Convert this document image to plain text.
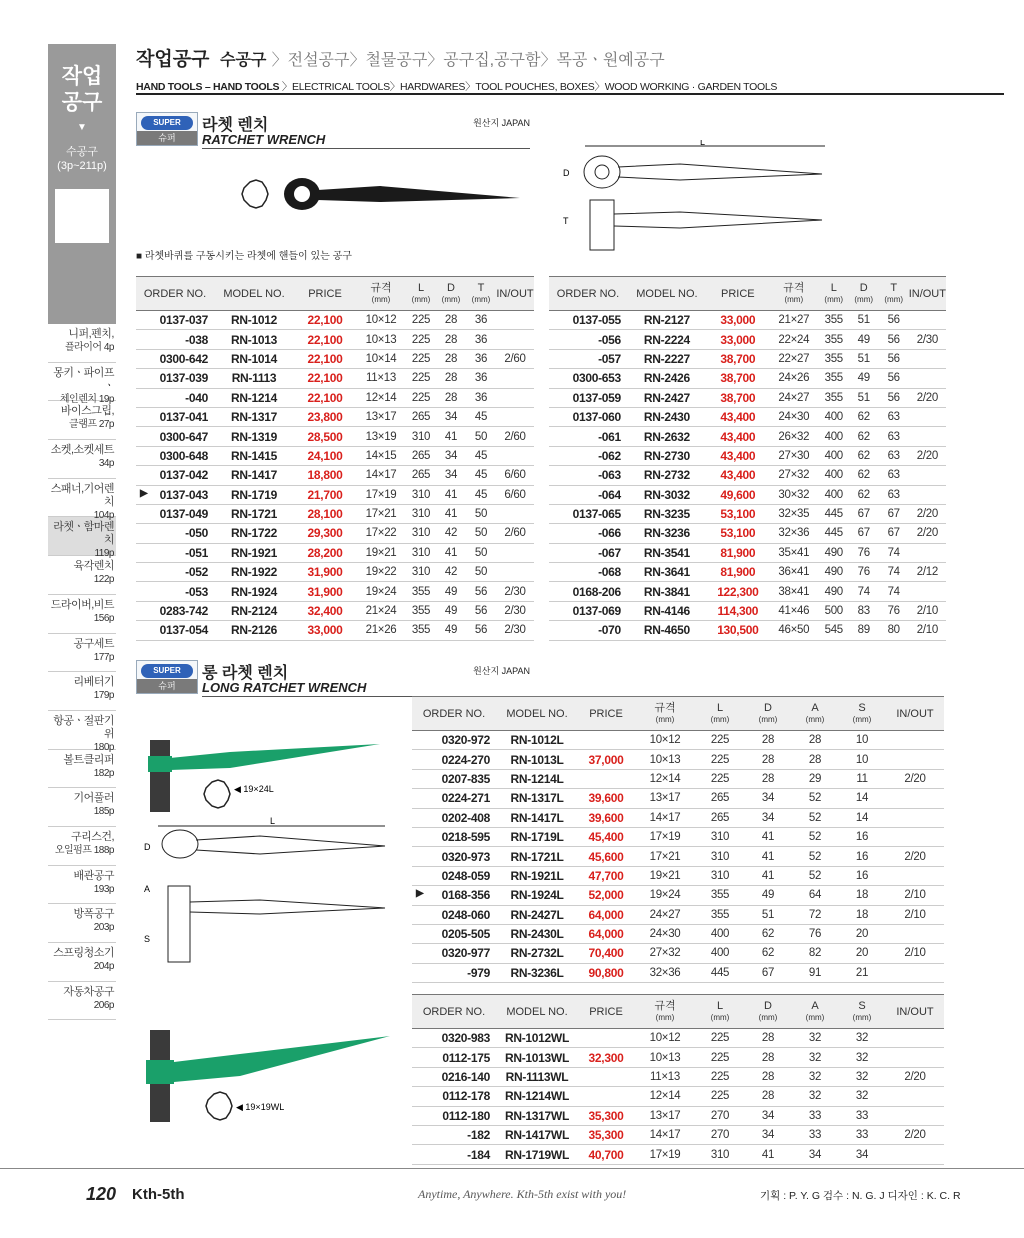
작업
공구
▼
수공구
(3p~211p)
니퍼,펜치,
플라이어 4p
몽키ㆍ파이프ㆍ
체인렌치 19p
바이스그립,
클램프 27p
소켓,소켓세트
34p
스패너,기어렌치
104p
라쳇ㆍ함마렌치
119p
육각렌치
122p
드라이버,비트
156p
공구세트
177p
리베터기
179p
항공ㆍ절판기위
180p
볼트클리퍼
182p
기어풀러
185p
구리스건,
오일펌프 188p
배관공구
193p
방폭공구
203p
스프링청소기
204p
자동차공구
206p
작업공구 수공구 〉전설공구〉철물공구〉공구집,공구함〉목공ㆍ원예공구
HAND TOOLS – HAND TOOLS 〉ELECTRICAL TOOLS〉HARDWARES〉TOOL POUCHES, BOXES〉WOOD WORKING · GARDEN TOOLS
SUPER
슈퍼
라쳇 렌치
RATCHET WRENCH
원산지 JAPAN
L
D
T
■ 라쳇바퀴를 구동시키는 라쳇에 핸들이 있는 공구
ORDER NO.	MODEL NO.	PRICE	규격
(mm)	L
(mm)	D
(mm)	T
(mm)	IN/OUT
0137-037	RN-1012	22,100	10×12	225	28	36	
-038	RN-1013	22,100	10×13	225	28	36	
0300-642	RN-1014	22,100	10×14	225	28	36	2/60
0137-039	RN-1113	22,100	11×13	225	28	36	
-040	RN-1214	22,100	12×14	225	28	36	
0137-041	RN-1317	23,800	13×17	265	34	45	
0300-647	RN-1319	28,500	13×19	310	41	50	2/60
0300-648	RN-1415	24,100	14×15	265	34	45	
0137-042	RN-1417	18,800	14×17	265	34	45	6/60

▶ 0137-043	RN-1719	21,700	17×19	310	41	45	6/60
0137-049	RN-1721	28,100	17×21	310	41	50	
-050	RN-1722	29,300	17×22	310	42	50	2/60
-051	RN-1921	28,200	19×21	310	41	50	
-052	RN-1922	31,900	19×22	310	42	50	
-053	RN-1924	31,900	19×24	355	49	56	2/30
0283-742	RN-2124	32,400	21×24	355	49	56	2/30
0137-054	RN-2126	33,000	21×26	355	49	56	2/30
ORDER NO.	MODEL NO.	PRICE	규격
(mm)	L
(mm)	D
(mm)	T
(mm)	IN/OUT
0137-055	RN-2127	33,000	21×27	355	51	56	
-056	RN-2224	33,000	22×24	355	49	56	2/30
-057	RN-2227	38,700	22×27	355	51	56	
0300-653	RN-2426	38,700	24×26	355	49	56	
0137-059	RN-2427	38,700	24×27	355	51	56	2/20
0137-060	RN-2430	43,400	24×30	400	62	63	
-061	RN-2632	43,400	26×32	400	62	63	
-062	RN-2730	43,400	27×30	400	62	63	2/20
-063	RN-2732	43,400	27×32	400	62	63	
-064	RN-3032	49,600	30×32	400	62	63	
0137-065	RN-3235	53,100	32×35	445	67	67	2/20
-066	RN-3236	53,100	32×36	445	67	67	2/20
-067	RN-3541	81,900	35×41	490	76	74	
-068	RN-3641	81,900	36×41	490	76	74	2/12
0168-206	RN-3841	122,300	38×41	490	74	74	
0137-069	RN-4146	114,300	41×46	500	83	76	2/10
-070	RN-4650	130,500	46×50	545	89	80	2/10
SUPER
슈퍼
롱 라쳇 렌치
LONG RATCHET WRENCH
원산지 JAPAN
◀ 19×24L
L
D
A
S
◀ 19×19WL
ORDER NO.	MODEL NO.	PRICE	규격
(mm)	L
(mm)	D
(mm)	A
(mm)	S
(mm)	IN/OUT
0320-972	RN-1012L		10×12	225	28	28	10	
0224-270	RN-1013L	37,000	10×13	225	28	28	10	
0207-835	RN-1214L		12×14	225	28	29	11	2/20
0224-271	RN-1317L	39,600	13×17	265	34	52	14	
0202-408	RN-1417L	39,600	14×17	265	34	52	14	
0218-595	RN-1719L	45,400	17×19	310	41	52	16	
0320-973	RN-1721L	45,600	17×21	310	41	52	16	2/20
0248-059	RN-1921L	47,700	19×21	310	41	52	16	

▶ 0168-356	RN-1924L	52,000	19×24	355	49	64	18	2/10
0248-060	RN-2427L	64,000	24×27	355	51	72	18	2/10
0205-505	RN-2430L	64,000	24×30	400	62	76	20	
0320-977	RN-2732L	70,400	27×32	400	62	82	20	2/10
-979	RN-3236L	90,800	32×36	445	67	91	21	
ORDER NO.	MODEL NO.	PRICE	규격
(mm)	L
(mm)	D
(mm)	A
(mm)	S
(mm)	IN/OUT
0320-983	RN-1012WL		10×12	225	28	32	32	
0112-175	RN-1013WL	32,300	10×13	225	28	32	32	
0216-140	RN-1113WL		11×13	225	28	32	32	2/20
0112-178	RN-1214WL		12×14	225	28	32	32	
0112-180	RN-1317WL	35,300	13×17	270	34	33	33	
-182	RN-1417WL	35,300	14×17	270	34	33	33	2/20
-184	RN-1719WL	40,700	17×19	310	41	34	34	
120 Kth-5th	Anytime, Anywhere. Kth-5th exist with you!	기획 : P. Y. G 검수 : N. G. J 디자인 : K. C. R
